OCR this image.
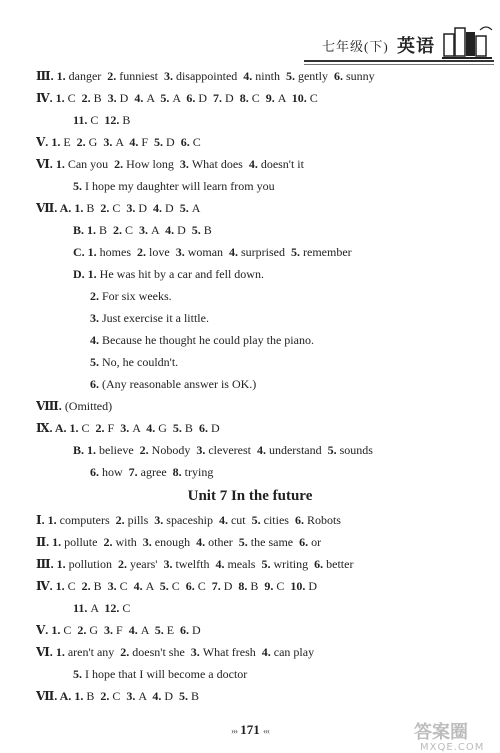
七年级(下) 英语
Ⅲ. 1. danger  2. funniest  3. disappointed  4. ninth  5. gently  6. sunny
Ⅳ. 1. C  2. B  3. D  4. A  5. A  6. D  7. D  8. C  9. A  10. C
11. C  12. B
Ⅴ. 1. E  2. G  3. A  4. F  5. D  6. C
Ⅵ. 1. Can you  2. How long  3. What does  4. doesn't it
5. I hope my daughter will learn from you
Ⅶ. A. 1. B  2. C  3. D  4. D  5. A
B. 1. B  2. C  3. A  4. D  5. B
C. 1. homes  2. love  3. woman  4. surprised  5. remember
D. 1. He was hit by a car and fell down.
2. For six weeks.
3. Just exercise it a little.
4. Because he thought he could play the piano.
5. No, he couldn't.
6. (Any reasonable answer is OK.)
Ⅷ. (Omitted)
Ⅸ. A. 1. C  2. F  3. A  4. G  5. B  6. D
B. 1. believe  2. Nobody  3. cleverest  4. understand  5. sounds
6. how  7. agree  8. trying
Ⅰ. 1. computers  2. pills  3. spaceship  4. cut  5. cities  6. Robots
Ⅱ. 1. pollute  2. with  3. enough  4. other  5. the same  6. or
Ⅲ. 1. pollution  2. years'  3. twelfth  4. meals  5. writing  6. better
Ⅳ. 1. C  2. B  3. C  4. A  5. C  6. C  7. D  8. B  9. C  10. D
11. A  12. C
Ⅴ. 1. C  2. G  3. F  4. A  5. E  6. D
Ⅵ. 1. aren't any  2. doesn't she  3. What fresh  4. can play
5. I hope that I will become a doctor
Ⅶ. A. 1. B  2. C  3. A  4. D  5. B
Unit 7 In the future
››› 171 ‹‹‹	答案圈
MXQE.COM
